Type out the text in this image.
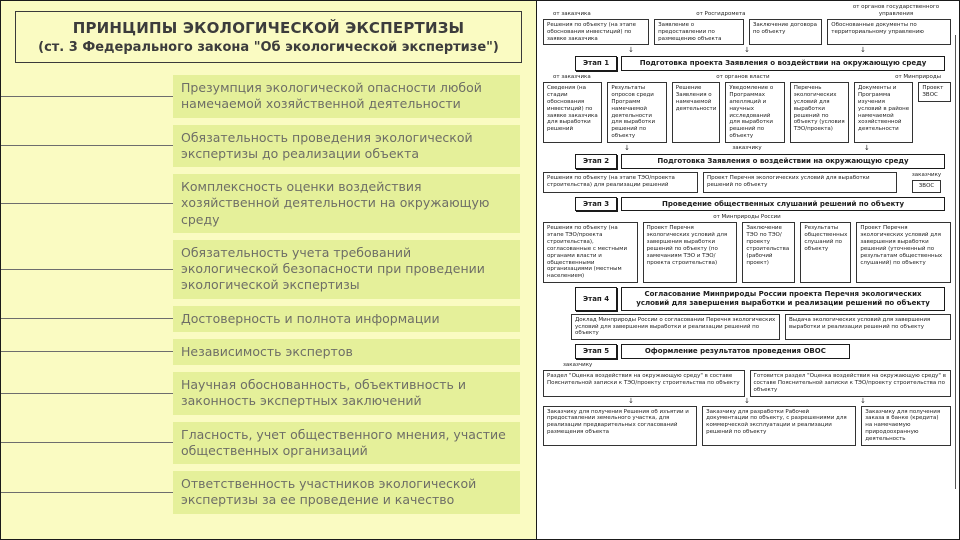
ПРИНЦИПЫ ЭКОЛОГИЧЕСКОЙ ЭКСПЕРТИЗЫ
(ст. 3 Федерального закона "Об экологической экспертизе")
Презумпция экологической опасности любой намечаемой хозяйственной деятельности
Обязательность проведения экологической экспертизы до реализации объекта
Комплексность оценки воздействия хозяйственной деятельности на окружающую среду
Обязательность учета требований экологической безопасности при проведении экологической экспертизы
Достоверность и полнота информации
Независимость экспертов
Научная обоснованность, объективность и законность экспертных заключений
Гласность, учет общественного мнения, участие общественных организаций
Ответственность участников экологической экспертизы за ее проведение и качество
от заказчика	от Росгидромета
от органов государственного управления
Решения по объекту (на этапе обоснования инвестиций) по заявке заказчика
Заявление о предоставлении по размещению объекта
Заключение договора по объекту
Обоснованные документы по территориальному управлению
↓
↓
↓
Этап 1	Подготовка проекта Заявления о воздействии на окружающую среду
от заказчика	от органов власти	от Минприроды
Сведения (на стадии обоснования инвестиций) по заявке заказчика для выработки решений
Результаты опросов среди Программ намечаемой деятельности для выработки решений по объекту
Решение Заявления о намечаемой деятельности
Уведомление о Программах апелляций и научных исследований для выработки решений по объекту
Перечень экологических условий для выработки решений по объекту (условия ТЭО/проекта)
Документы и Программа изучения условий в районе намечаемой хозяйственной деятельности
Проект ЗВОС
↓
заказчику
↓
Этап 2	Подготовка Заявления о воздействии на окружающую среду
Решения по объекту (на этапе ТЭО/проекта строительства) для реализации решений
Проект Перечня экологических условий для выработки решений по объекту
заказчику
ЗВОС
Этап 3	Проведение общественных слушаний решений по объекту
от Минприроды России
Решения по объекту (на этапе ТЭО/проекта строительства), согласованные с местными органами власти и общественными организациями (местным населением)
Проект Перечня экологических условий для завершения выработки решений по объекту (по замечаниям ТЭО и ТЭО/проекта строительства)
Заключение ТЭО по ТЭО/проекту строительства (рабочий проект)
Результаты общественных слушаний по объекту
Проект Перечня экологических условий для завершения выработки решений (уточненный по результатам общественных слушаний) по объекту
Этап 4
Согласование Минприроды России проекта Перечня экологических условий для завершения выработки и реализации решений по объекту
Доклад Минприроды России о согласовании Перечня экологических условий для завершения выработки и реализации решений по объекту
Выдача экологических условий для завершения выработки и реализации решений по объекту
Этап 5	Оформление результатов проведения ОВОС
заказчику
Раздел "Оценка воздействия на окружающую среду" в составе Пояснительной записки к ТЭО/проекту строительства по объекту
Готовится раздел "Оценка воздействия на окружающую среду" в составе Пояснительной записки к ТЭО/проекту строительства по объекту
↓
↓
↓
Заказчику для получения Решения об изъятии и предоставлении земельного участка, для реализации предварительных согласований размещения объекта
Заказчику для разработки Рабочей документации по объекту, с разрешениями для коммерческой эксплуатации и реализации решений по объекту
Заказчику для получения заказа в банке (кредита) на намечаемую природоохранную деятельность
